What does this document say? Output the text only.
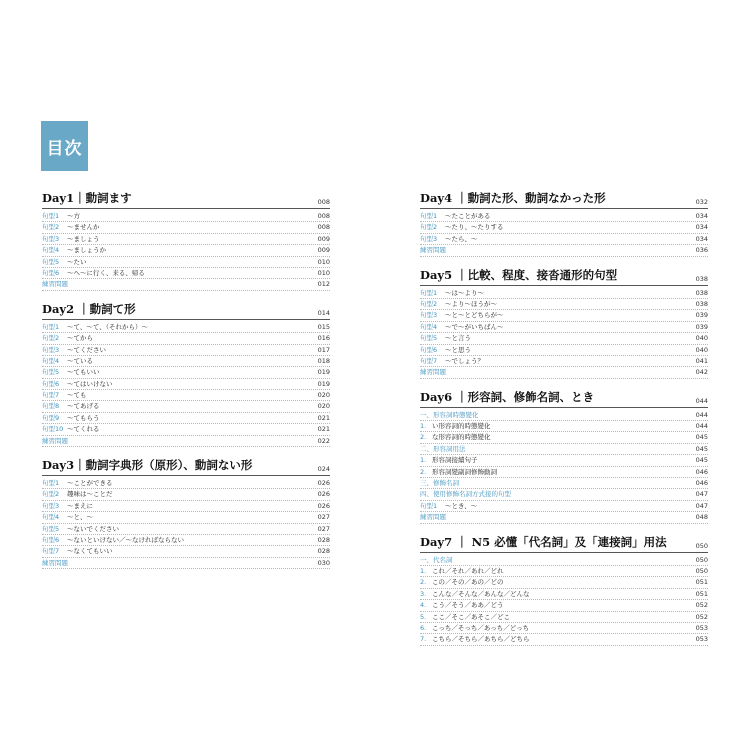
目次
Day1｜動詞ます	008
句型1	〜方	008
句型2	〜ませんか	008
句型3	〜ましょう	009
句型4	〜ましょうか	009
句型5	〜たい	010
句型6	〜へ〜に行く、来る、帰る	010
練習問題	012
Day2 ｜動詞て形	014
句型1	〜て、〜て、（それから）〜	015
句型2	〜てから	016
句型3	〜てください	017
句型4	〜ている	018
句型5	〜てもいい	019
句型6	〜てはいけない	019
句型7	〜ても	020
句型8	〜てあげる	020
句型9	〜てもらう	021
句型10 〜てくれる	021
練習問題	022
Day3｜動詞字典形（原形）、動詞ない形	024
句型1	〜ことができる	026
句型2	趣味は〜ことだ	026
句型3	〜まえに	026
句型4	〜と、〜	027
句型5	〜ないでください	027
句型6	〜ないといけない／〜なければならない	028
句型7	〜なくてもいい	028
練習問題	030
Day4 ｜動詞た形、動詞なかった形	032
句型1	〜たことがある	034
句型2	〜たり、〜たりする	034
句型3	〜たら、〜	034
練習問題	036
Day5 ｜比較、程度、接沓通形的句型	038
句型1	〜は〜より〜	038
句型2	〜より〜ほうが〜	038
句型3	〜と〜とどちらが〜	039
句型4	〜で〜がいちばん〜	039
句型5	〜と言う	040
句型6	〜と思う	040
句型7	〜でしょう？	041
練習問題	042
Day6 ｜形容詞、修飾名詞、とき	044
一、形容詞時態變化	044
1. い形容詞的時態變化	044
2. な形容詞的時態變化	045
二、形容詞用法	045
1. 形容詞接續句子	045
2. 形容詞變副詞修飾動詞	046
三、修飾名詞	046
四、使用修飾名詞方式接的句型	047
句型1	〜とき、〜	047
練習問題	048
Day7 ｜ N5 必懂「代名詞」及「連接詞」用法	050
一、代名詞	050
1. これ／それ／あれ／どれ	050
2. この／その／あの／どの	051
3. こんな／そんな／あんな／どんな	051
4. こう／そう／ああ／どう	052
5. ここ／そこ／あそこ／どこ	052
6. こっち／そっち／あっち／どっち	053
7. こちら／そちら／あちら／どちら	053
